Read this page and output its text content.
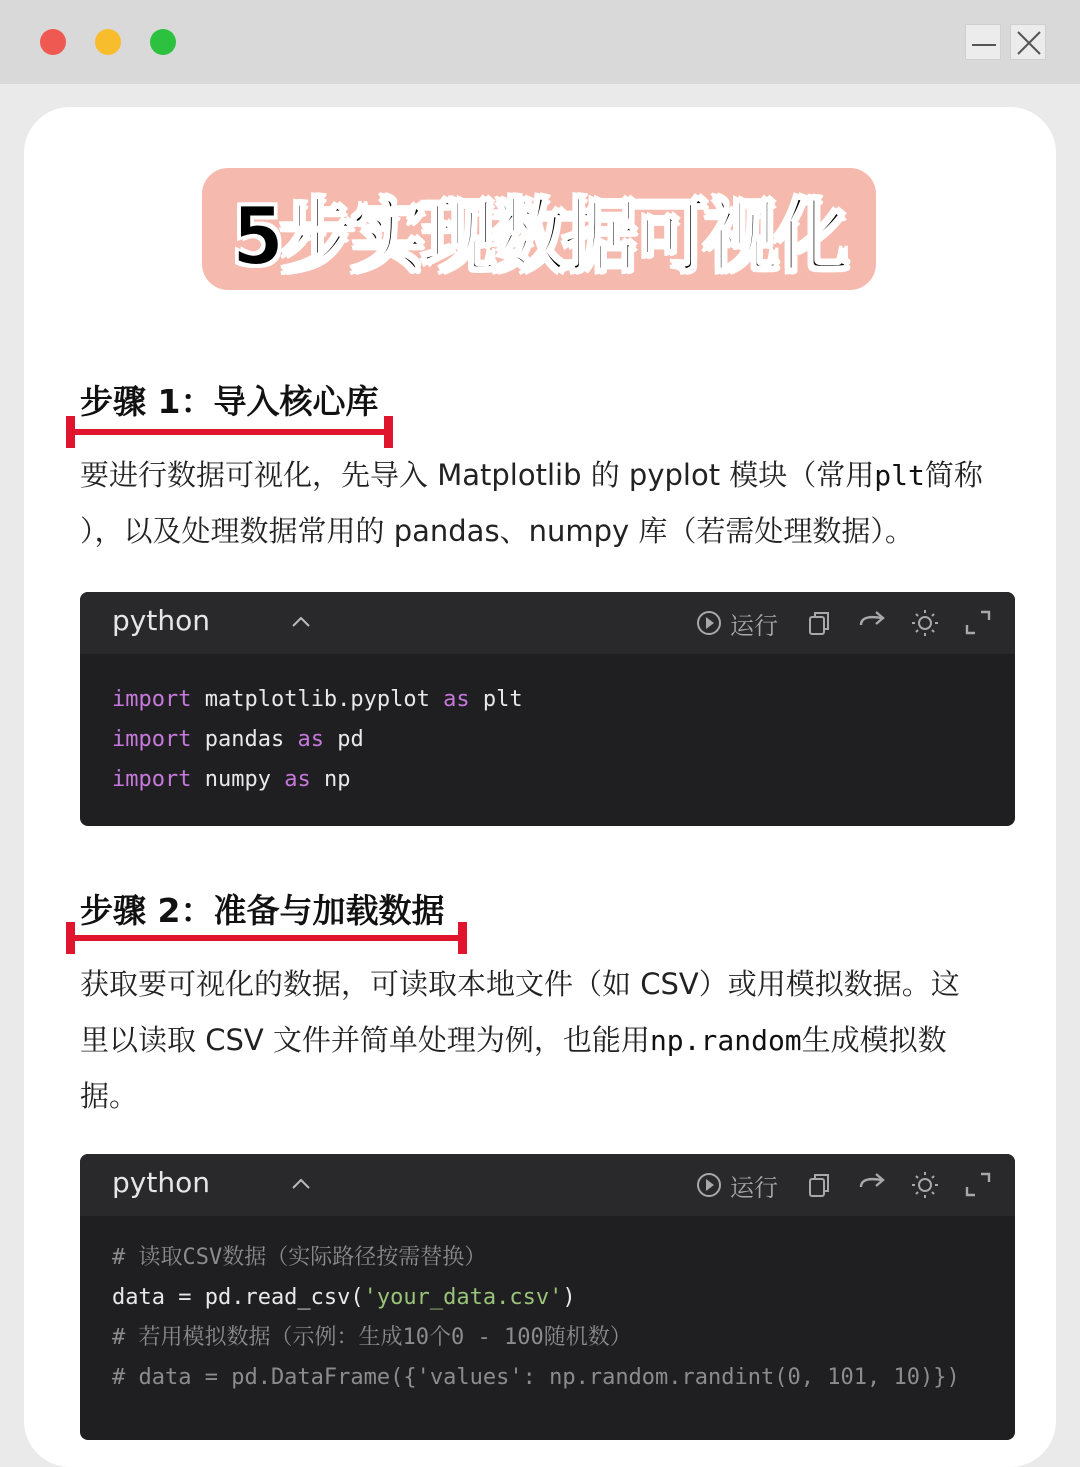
5步实现数据可视化
步骤 1：导入核心库
要进行数据可视化，先导入 Matplotlib 的 pyplot 模块（常用plt简称
），以及处理数据常用的 pandas、numpy 库（若需处理数据）。
python	运行
import matplotlib.pyplot as plt
import pandas as pd
import numpy as np
步骤 2：准备与加载数据
获取要可视化的数据，可读取本地文件（如 CSV）或用模拟数据。这
里以读取 CSV 文件并简单处理为例，也能用np.random生成模拟数
据。
python	运行
# 读取CSV数据（实际路径按需替换）
data = pd.read_csv('your_data.csv')
# 若用模拟数据（示例：生成10个0 - 100随机数）
# data = pd.DataFrame({'values': np.random.randint(0, 101, 10)})
